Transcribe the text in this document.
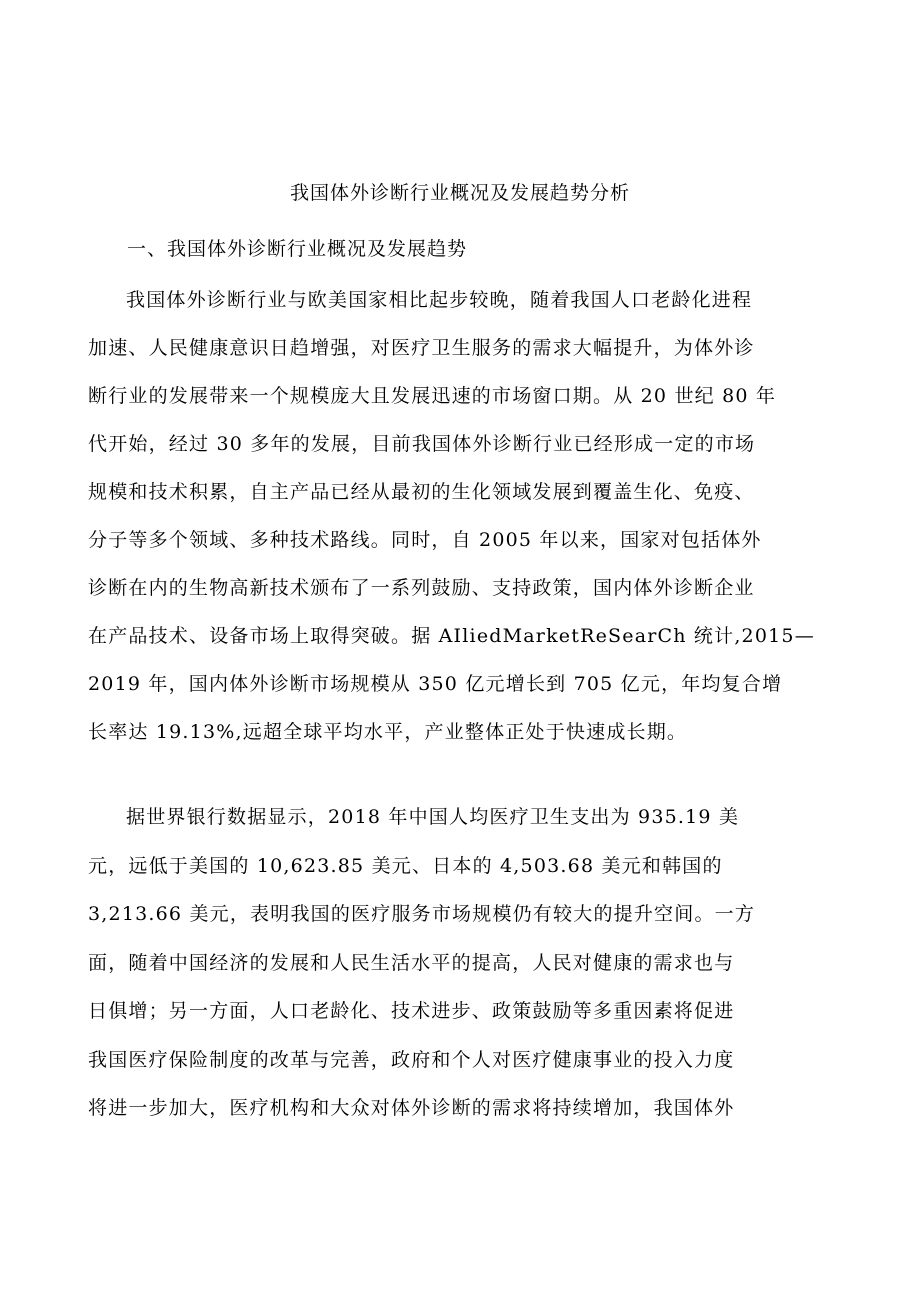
我国体外诊断行业概况及发展趋势分析
一、我国体外诊断行业概况及发展趋势
我国体外诊断行业与欧美国家相比起步较晚，随着我国人口老龄化进程
加速、人民健康意识日趋增强，对医疗卫生服务的需求大幅提升，为体外诊
断行业的发展带来一个规模庞大且发展迅速的市场窗口期。从 20 世纪 80 年
代开始，经过 30 多年的发展，目前我国体外诊断行业已经形成一定的市场
规模和技术积累，自主产品已经从最初的生化领域发展到覆盖生化、免疫、
分子等多个领域、多种技术路线。同时，自 2005 年以来，国家对包括体外
诊断在内的生物高新技术颁布了一系列鼓励、支持政策，国内体外诊断企业
在产品技术、设备市场上取得突破。据 AIliedMarketReSearCh 统计,2015—
2019 年，国内体外诊断市场规模从 350 亿元增长到 705 亿元，年均复合增
长率达 19.13%,远超全球平均水平，产业整体正处于快速成长期。
据世界银行数据显示，2018 年中国人均医疗卫生支出为 935.19 美
元，远低于美国的 10,623.85 美元、日本的 4,503.68 美元和韩国的
3,213.66 美元，表明我国的医疗服务市场规模仍有较大的提升空间。一方
面，随着中国经济的发展和人民生活水平的提高，人民对健康的需求也与
日俱增；另一方面，人口老龄化、技术进步、政策鼓励等多重因素将促进
我国医疗保险制度的改革与完善，政府和个人对医疗健康事业的投入力度
将进一步加大，医疗机构和大众对体外诊断的需求将持续增加，我国体外
